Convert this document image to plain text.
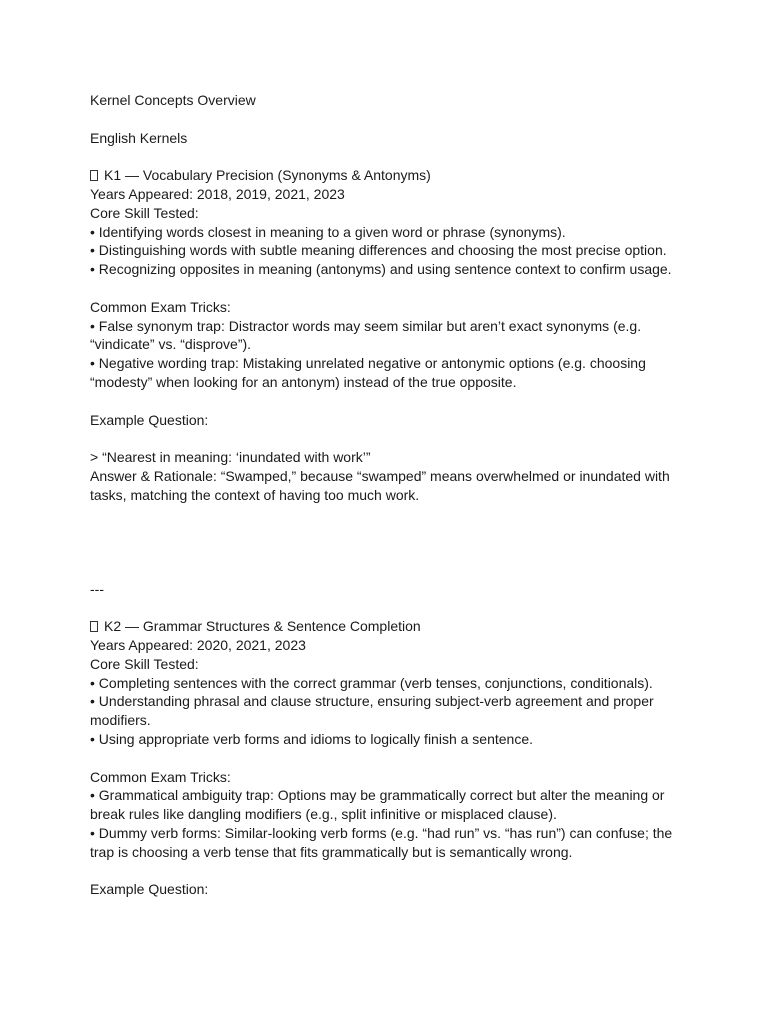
Kernel Concepts Overview
English Kernels
K1 — Vocabulary Precision (Synonyms & Antonyms)
Years Appeared: 2018, 2019, 2021, 2023
Core Skill Tested:
• Identifying words closest in meaning to a given word or phrase (synonyms).
• Distinguishing words with subtle meaning differences and choosing the most precise option.
• Recognizing opposites in meaning (antonyms) and using sentence context to confirm usage.
Common Exam Tricks:
• False synonym trap: Distractor words may seem similar but aren’t exact synonyms (e.g.
“vindicate” vs. “disprove”).
• Negative wording trap: Mistaking unrelated negative or antonymic options (e.g. choosing
“modesty” when looking for an antonym) instead of the true opposite.
Example Question:
> “Nearest in meaning: ‘inundated with work’”
Answer & Rationale: “Swamped,” because “swamped” means overwhelmed or inundated with
tasks, matching the context of having too much work.
---
K2 — Grammar Structures & Sentence Completion
Years Appeared: 2020, 2021, 2023
Core Skill Tested:
• Completing sentences with the correct grammar (verb tenses, conjunctions, conditionals).
• Understanding phrasal and clause structure, ensuring subject-verb agreement and proper
modifiers.
• Using appropriate verb forms and idioms to logically finish a sentence.
Common Exam Tricks:
• Grammatical ambiguity trap: Options may be grammatically correct but alter the meaning or
break rules like dangling modifiers (e.g., split infinitive or misplaced clause).
• Dummy verb forms: Similar-looking verb forms (e.g. “had run” vs. “has run”) can confuse; the
trap is choosing a verb tense that fits grammatically but is semantically wrong.
Example Question:
